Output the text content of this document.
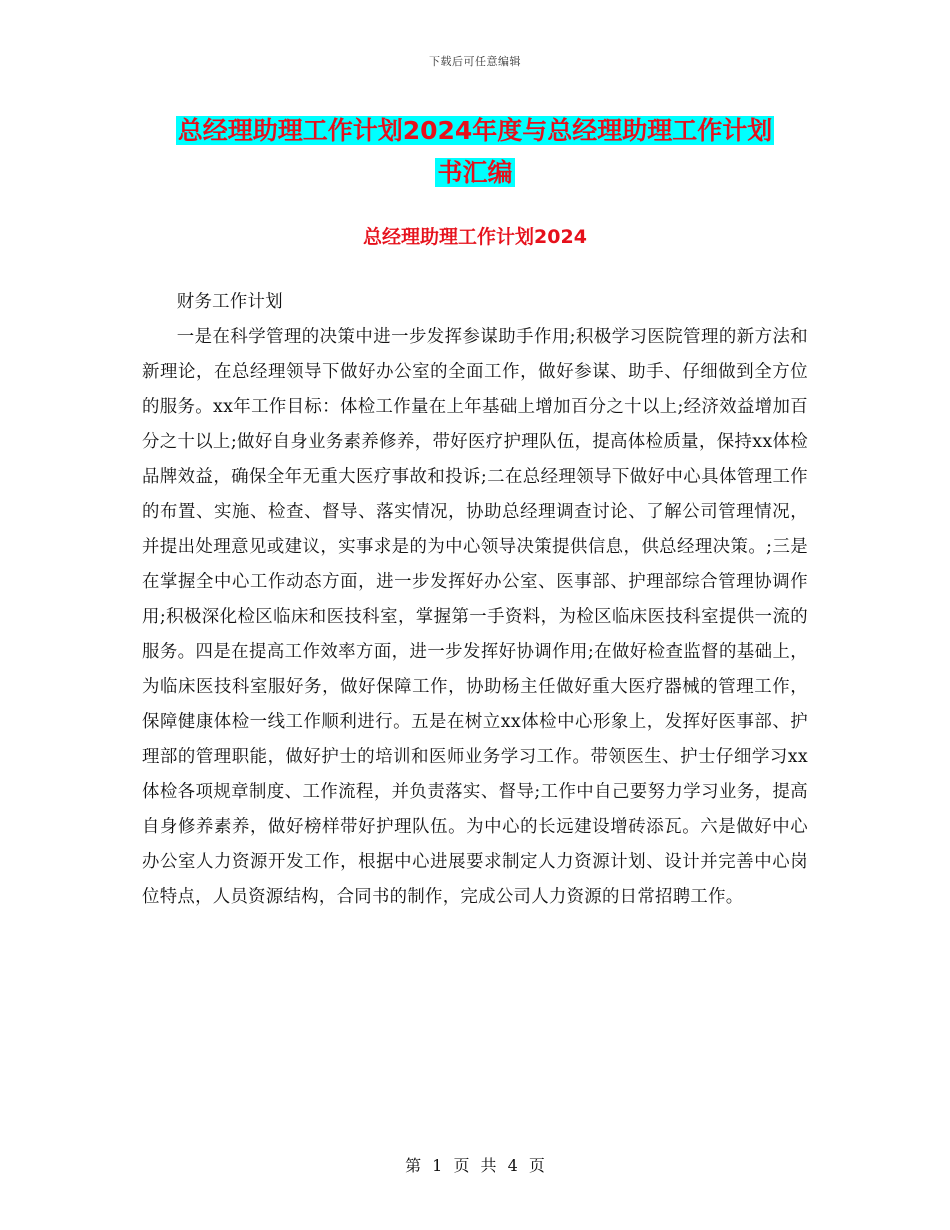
下载后可任意编辑
总经理助理工作计划2024年度与总经理助理工作计划
书汇编
总经理助理工作计划2024

财务工作计划

一是在科学管理的决策中进一步发挥参谋助手作用;积极学习医院管理的新方法和新理论，在总经理领导下做好办公室的全面工作，做好参谋、助手、仔细做到全方位的服务。xx年工作目标：体检工作量在上年基础上增加百分之十以上;经济效益增加百分之十以上;做好自身业务素养修养，带好医疗护理队伍，提高体检质量，保持xx体检品牌效益，确保全年无重大医疗事故和投诉;二在总经理领导下做好中心具体管理工作的布置、实施、检查、督导、落实情况，协助总经理调查讨论、了解公司管理情况，并提出处理意见或建议，实事求是的为中心领导决策提供信息，供总经理决策。;三是在掌握全中心工作动态方面，进一步发挥好办公室、医事部、护理部综合管理协调作用;积极深化检区临床和医技科室，掌握第一手资料，为检区临床医技科室提供一流的服务。四是在提高工作效率方面，进一步发挥好协调作用;在做好检查监督的基础上，为临床医技科室服好务，做好保障工作，协助杨主任做好重大医疗器械的管理工作，保障健康体检一线工作顺利进行。五是在树立xx体检中心形象上，发挥好医事部、护理部的管理职能，做好护士的培训和医师业务学习工作。带领医生、护士仔细学习xx体检各项规章制度、工作流程，并负责落实、督导;工作中自己要努力学习业务，提高自身修养素养，做好榜样带好护理队伍。为中心的长远建设增砖添瓦。六是做好中心办公室人力资源开发工作，根据中心进展要求制定人力资源计划、设计并完善中心岗位特点，人员资源结构，合同书的制作，完成公司人力资源的日常招聘工作。

第 1 页 共 4 页
